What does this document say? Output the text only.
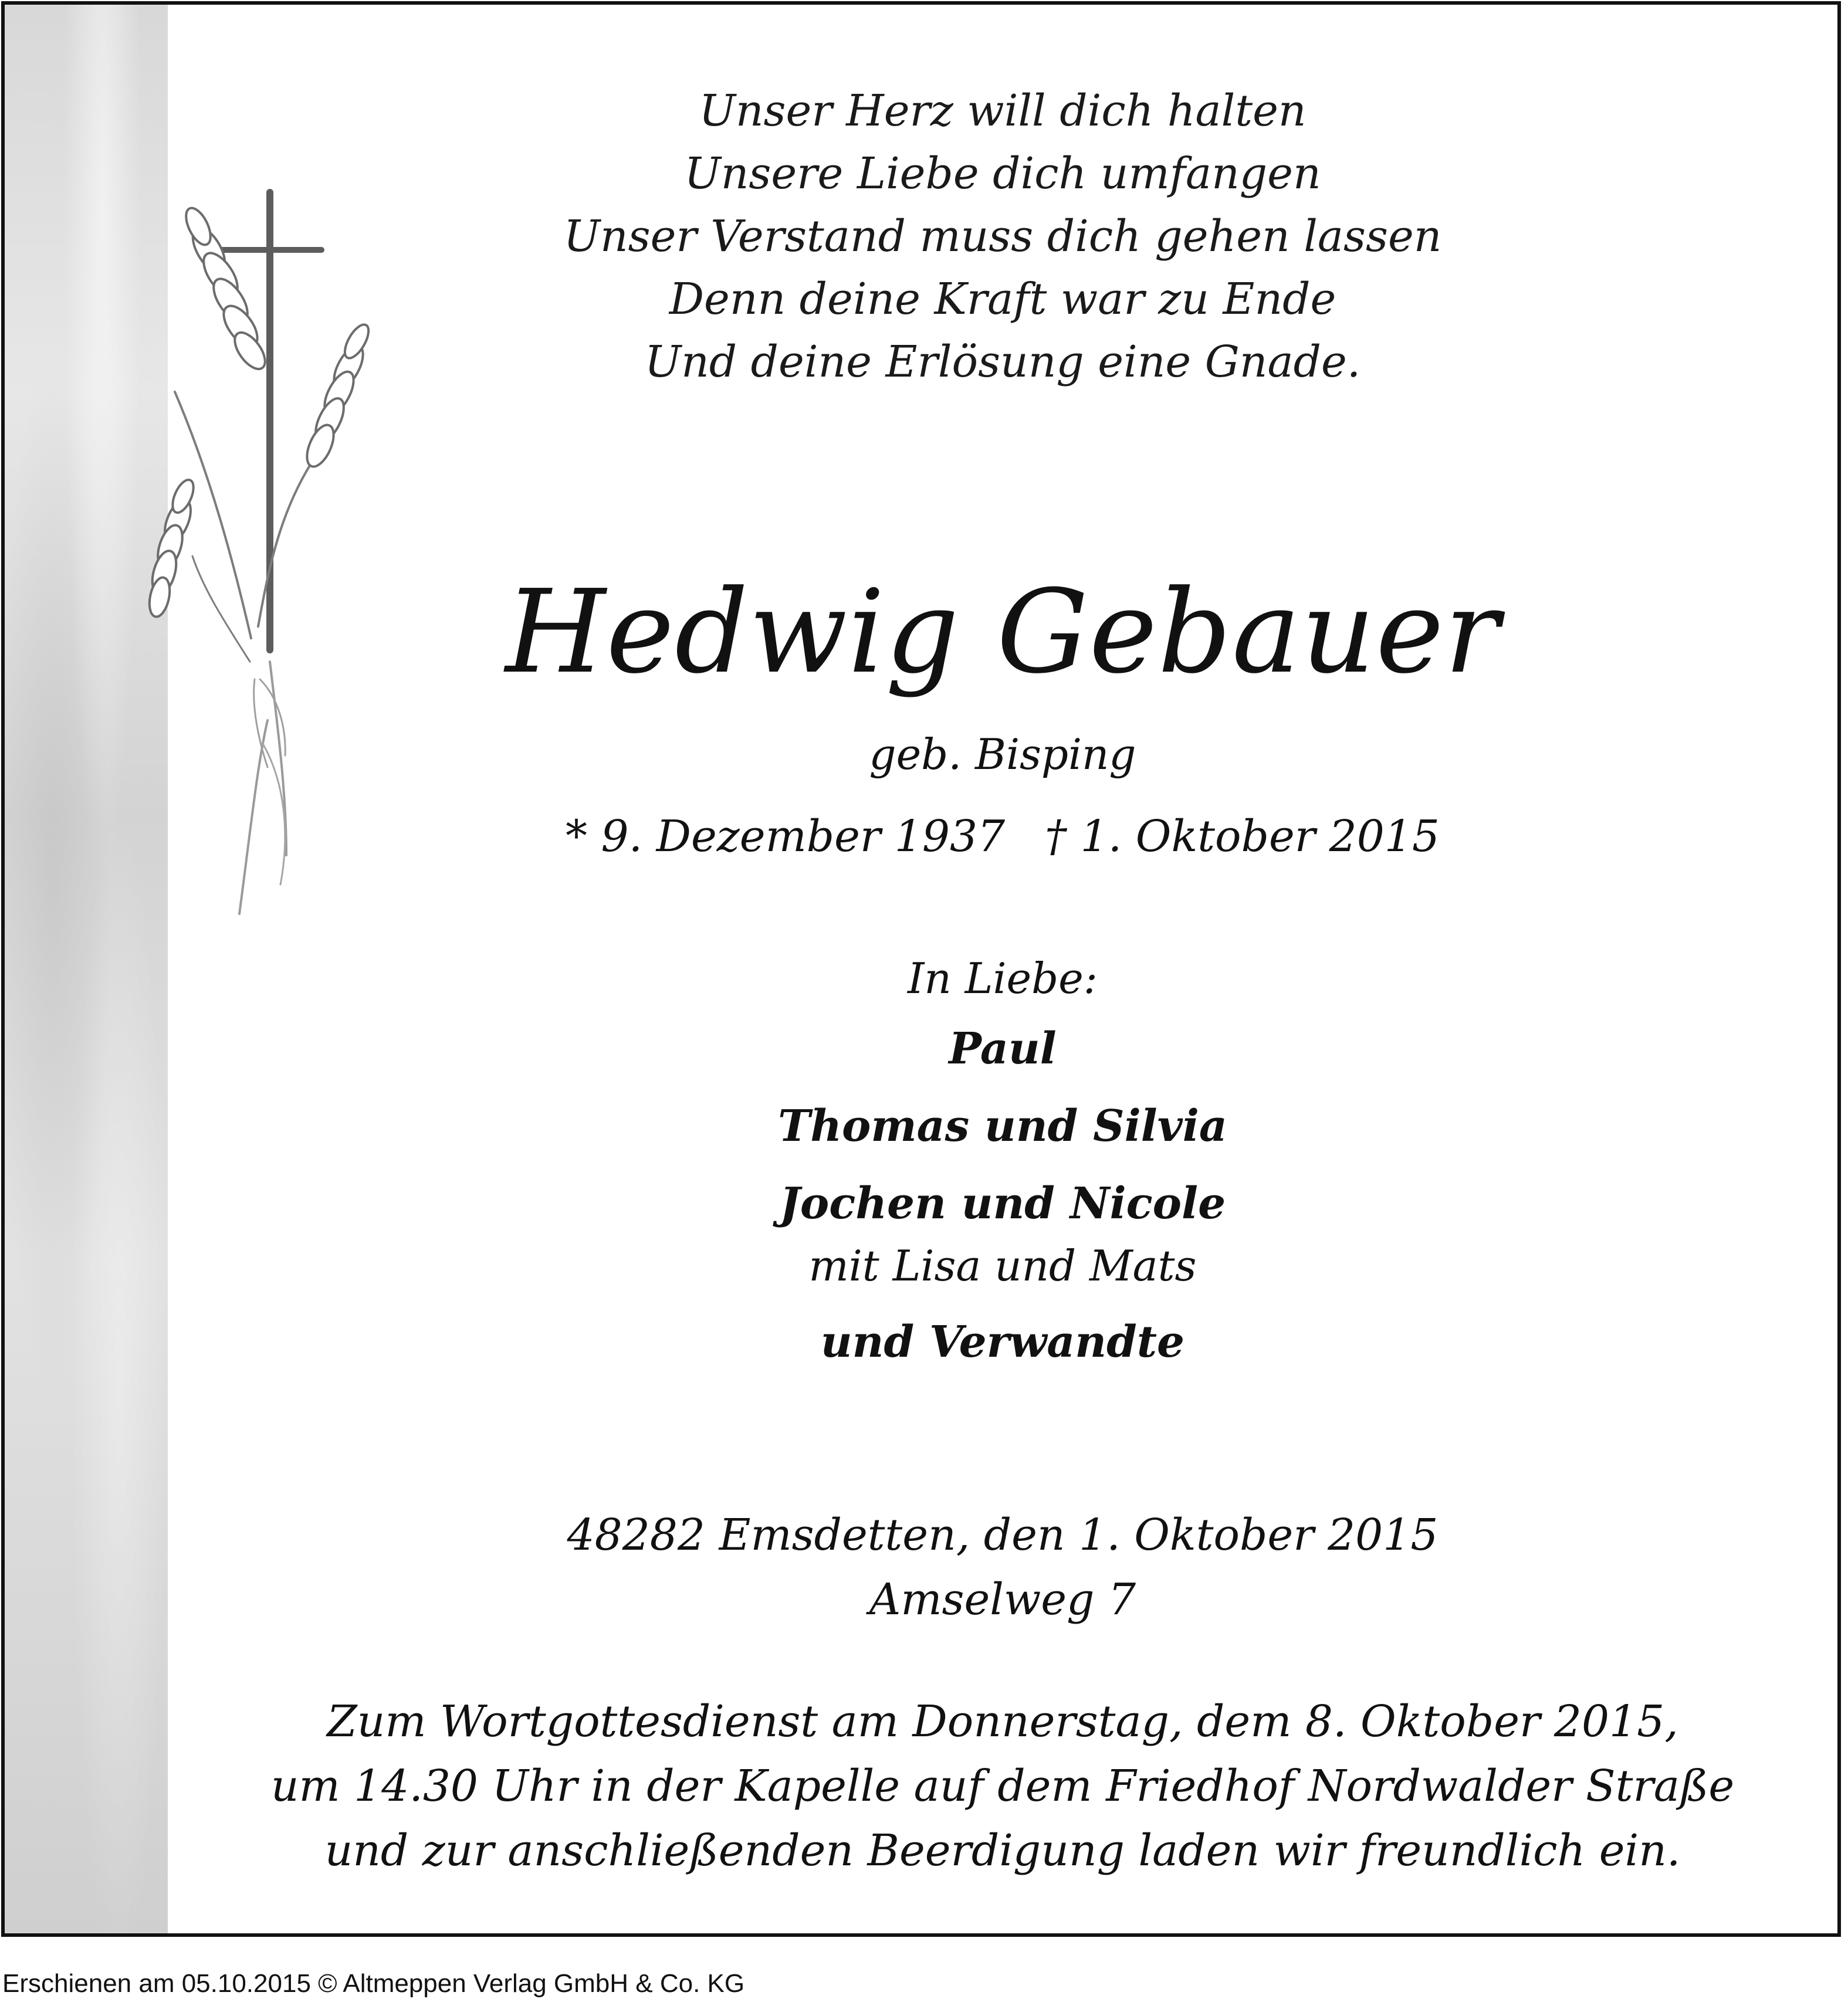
Unser Herz will dich halten

Unsere Liebe dich umfangen

Unser Verstand muss dich gehen lassen

Denn deine Kraft war zu Ende

Und deine Erlösung eine Gnade.

Hedwig Gebauer
geb. Bisping
* 9. Dezember 1937 † 1. Oktober 2015
In Liebe:
Paul
Thomas und Silvia
Jochen und Nicole
mit Lisa und Mats
und Verwandte

48282 Emsdetten, den 1. Oktober 2015

Amselweg 7

Zum Wortgottesdienst am Donnerstag, dem 8. Oktober 2015,

um 14.30 Uhr in der Kapelle auf dem Friedhof Nordwalder Straße

und zur anschließenden Beerdigung laden wir freundlich ein.

Erschienen am 05.10.2015 © Altmeppen Verlag GmbH & Co. KG
